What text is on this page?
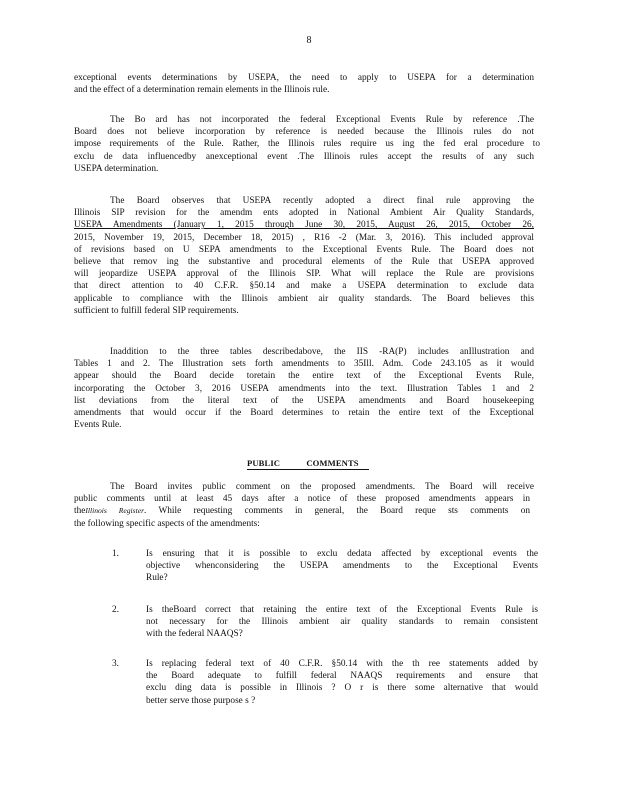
8
exceptional events determinations by USEPA, the need to apply to USEPA for a determination
and the effect of a determination remain elements in the Illinois rule.
The Bo ard has not incorporated the federal Exceptional Events Rule by reference .The
Board does not believe incorporation by reference is needed because the Illinois rules do not
impose requirements of the Rule. Rather, the Illinois rules require us ing the fed eral procedure to
exclu de data influencedby anexceptional event .The Illinois rules accept the results of any such
USEPA determination.
The Board observes that USEPA recently adopted a direct final rule approving the
Illinois SIP revision for the amendm ents adopted in National Ambient Air Quality Standards,
USEPA Amendments (January 1, 2015 through June 30, 2015, August 26, 2015, October 26,
2015, November 19, 2015, December 18, 2015) , R16 -2 (Mar. 3, 2016). This included approval
of revisions based on U SEPA amendments to the Exceptional Events Rule. The Board does not
believe that remov ing the substantive and procedural elements of the Rule that USEPA approved
will jeopardize USEPA approval of the Illinois SIP. What will replace the Rule are provisions
that direct attention to 40 C.F.R. §50.14 and make a USEPA determination to exclude data
applicable to compliance with the Illinois ambient air quality standards. The Board believes this
sufficient to fulfill federal SIP requirements.
Inaddition to the three tables describedabove, the IIS -RA(P) includes anIllustration and
Tables 1 and 2. The Illustration sets forth amendments to 35Ill. Adm. Code 243.105 as it would
appear should the Board decide toretain the entire text of the Exceptional Events Rule,
incorporating the October 3, 2016 USEPA amendments into the text. Illustration Tables 1 and 2
list deviations from the literal text of the USEPA amendments and Board housekeeping
amendments that would occur if the Board determines to retain the entire text of the Exceptional
Events Rule.
PUBLIC COMMENTS
The Board invites public comment on the proposed amendments. The Board will receive
public comments until at least 45 days after a notice of these proposed amendments appears in
theIllinois Register. While requesting comments in general, the Board reque sts comments on
the following specific aspects of the amendments:
1.	Is ensuring that it is possible to exclu dedata affected by exceptional events the
objective whenconsidering the USEPA amendments to the Exceptional Events
Rule?
2.	Is theBoard correct that retaining the entire text of the Exceptional Events Rule is
not necessary for the Illinois ambient air quality standards to remain consistent
with the federal NAAQS?
3.	Is replacing federal text of 40 C.F.R. §50.14 with the th ree statements added by
the Board adequate to fulfill federal NAAQS requirements and ensure that
exclu ding data is possible in Illinois ? O r is there some alternative that would
better serve those purpose s ?
